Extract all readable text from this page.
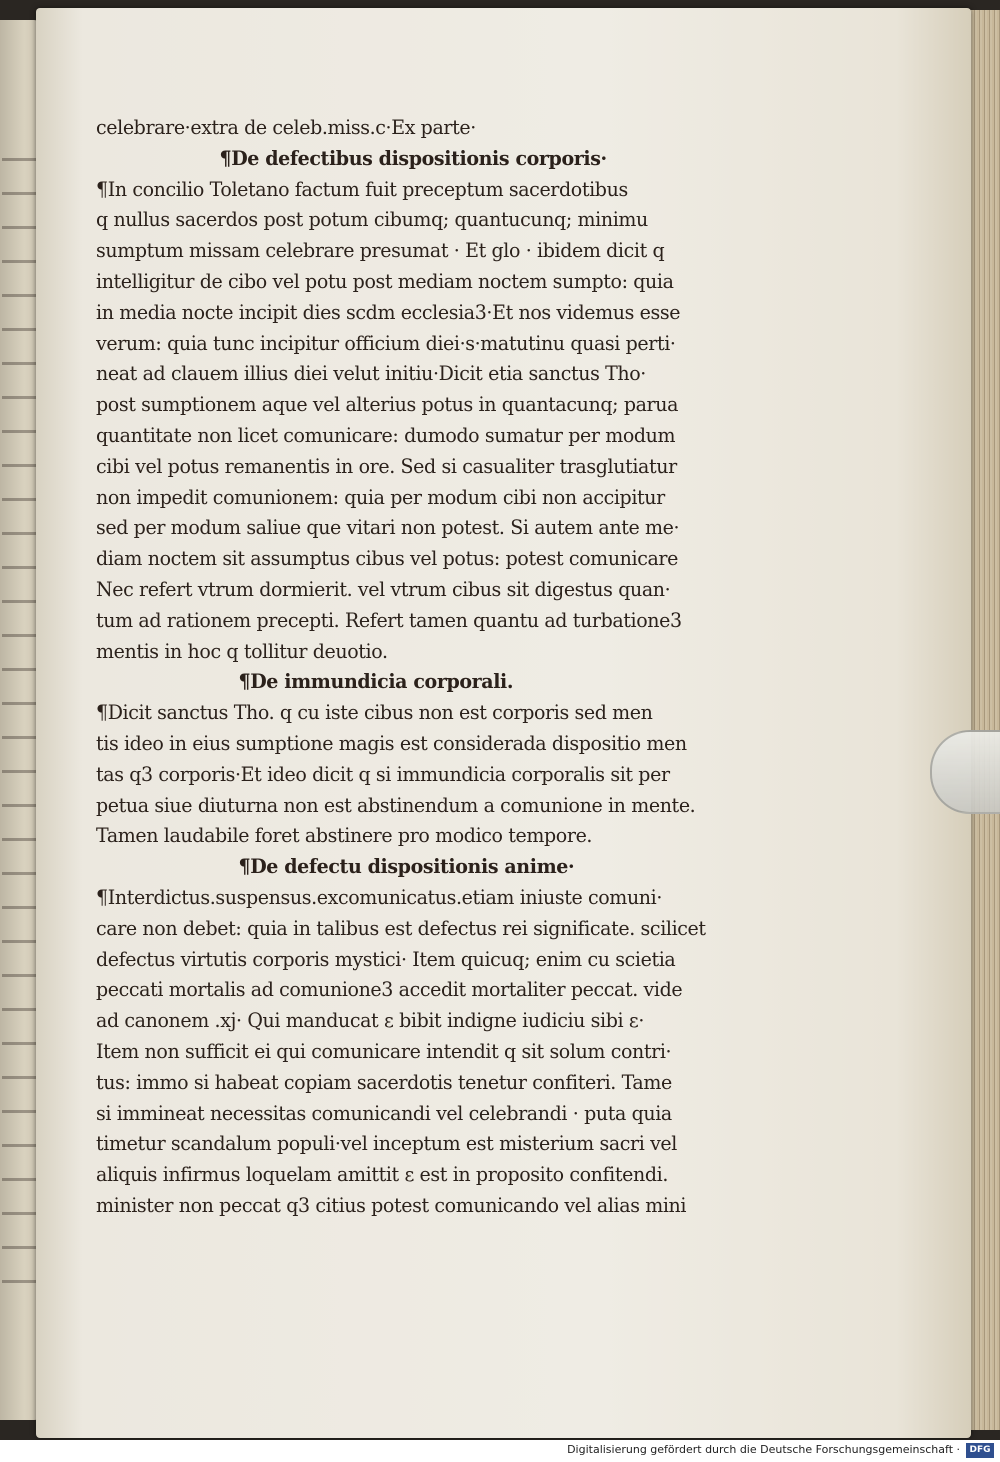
celebrare·extra de celeb.miss.c·Ex parte·
¶De defectibus dispositionis corporis·
¶In concilio Toletano factum fuit preceptum sacerdotibus
q nullus sacerdos post potum cibumq; quantucunq; minimu
sumptum missam celebrare presumat · Et glo · ibidem dicit q
intelligitur de cibo vel potu post mediam noctem sumpto: quia
in media nocte incipit dies scdm ecclesia3·Et nos videmus esse
verum: quia tunc incipitur officium diei·s·matutinu quasi perti·
neat ad clauem illius diei velut initiu·Dicit etia sanctus Tho·
post sumptionem aque vel alterius potus in quantacunq; parua
quantitate non licet comunicare: dumodo sumatur per modum
cibi vel potus remanentis in ore. Sed si casualiter trasglutiatur
non impedit comunionem: quia per modum cibi non accipitur
sed per modum saliue que vitari non potest. Si autem ante me·
diam noctem sit assumptus cibus vel potus: potest comunicare
Nec refert vtrum dormierit. vel vtrum cibus sit digestus quan·
tum ad rationem precepti. Refert tamen quantu ad turbatione3
mentis in hoc q tollitur deuotio.
¶De immundicia corporali.
¶Dicit sanctus Tho. q cu iste cibus non est corporis sed men
tis ideo in eius sumptione magis est considerada dispositio men
tas q3 corporis·Et ideo dicit q si immundicia corporalis sit per
petua siue diuturna non est abstinendum a comunione in mente.
Tamen laudabile foret abstinere pro modico tempore.
¶De defectu dispositionis anime·
¶Interdictus.suspensus.excomunicatus.etiam iniuste comuni·
care non debet: quia in talibus est defectus rei significate. scilicet
defectus virtutis corporis mystici· Item quicuq; enim cu scietia
peccati mortalis ad comunione3 accedit mortaliter peccat. vide
ad canonem .xj· Qui manducat ε bibit indigne iudiciu sibi ε·
Item non sufficit ei qui comunicare intendit q sit solum contri·
tus: immo si habeat copiam sacerdotis tenetur confiteri. Tame
si immineat necessitas comunicandi vel celebrandi · puta quia
timetur scandalum populi·vel inceptum est misterium sacri vel
aliquis infirmus loquelam amittit ε est in proposito confitendi.
minister non peccat q3 citius potest comunicando vel alias mini
Digitalisierung gefördert durch die Deutsche Forschungsgemeinschaft ·	DFG
